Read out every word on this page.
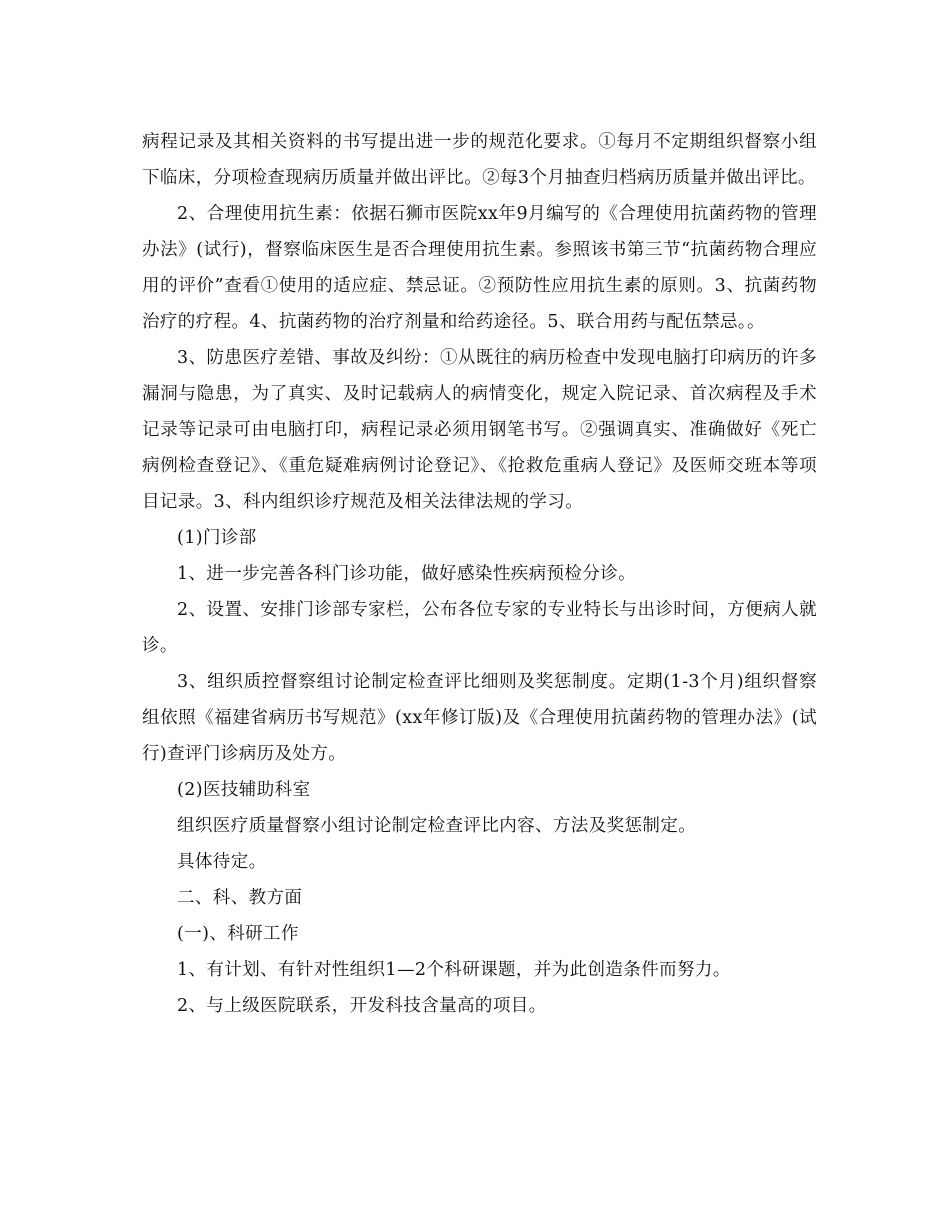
病程记录及其相关资料的书写提出进一步的规范化要求。①每月不定期组织督察小组下临床，分项检查现病历质量并做出评比。②每3个月抽查归档病历质量并做出评比。

2、合理使用抗生素：依据石狮市医院xx年9月编写的《合理使用抗菌药物的管理办法》(试行)，督察临床医生是否合理使用抗生素。参照该书第三节“抗菌药物合理应用的评价”查看①使用的适应症、禁忌证。②预防性应用抗生素的原则。3、抗菌药物治疗的疗程。4、抗菌药物的治疗剂量和给药途径。5、联合用药与配伍禁忌。。

3、防患医疗差错、事故及纠纷：①从既往的病历检查中发现电脑打印病历的许多漏洞与隐患，为了真实、及时记载病人的病情变化，规定入院记录、首次病程及手术记录等记录可由电脑打印，病程记录必须用钢笔书写。②强调真实、准确做好《死亡病例检查登记》、《重危疑难病例讨论登记》、《抢救危重病人登记》及医师交班本等项目记录。3、科内组织诊疗规范及相关法律法规的学习。

(1)门诊部

1、进一步完善各科门诊功能，做好感染性疾病预检分诊。

2、设置、安排门诊部专家栏，公布各位专家的专业特长与出诊时间，方便病人就诊。

3、组织质控督察组讨论制定检查评比细则及奖惩制度。定期(1-3个月)组织督察组依照《福建省病历书写规范》(xx年修订版)及《合理使用抗菌药物的管理办法》(试行)查评门诊病历及处方。

(2)医技辅助科室

组织医疗质量督察小组讨论制定检查评比内容、方法及奖惩制定。

具体待定。

二、科、教方面

(一)、科研工作

1、有计划、有针对性组织1—2个科研课题，并为此创造条件而努力。

2、与上级医院联系，开发科技含量高的项目。
